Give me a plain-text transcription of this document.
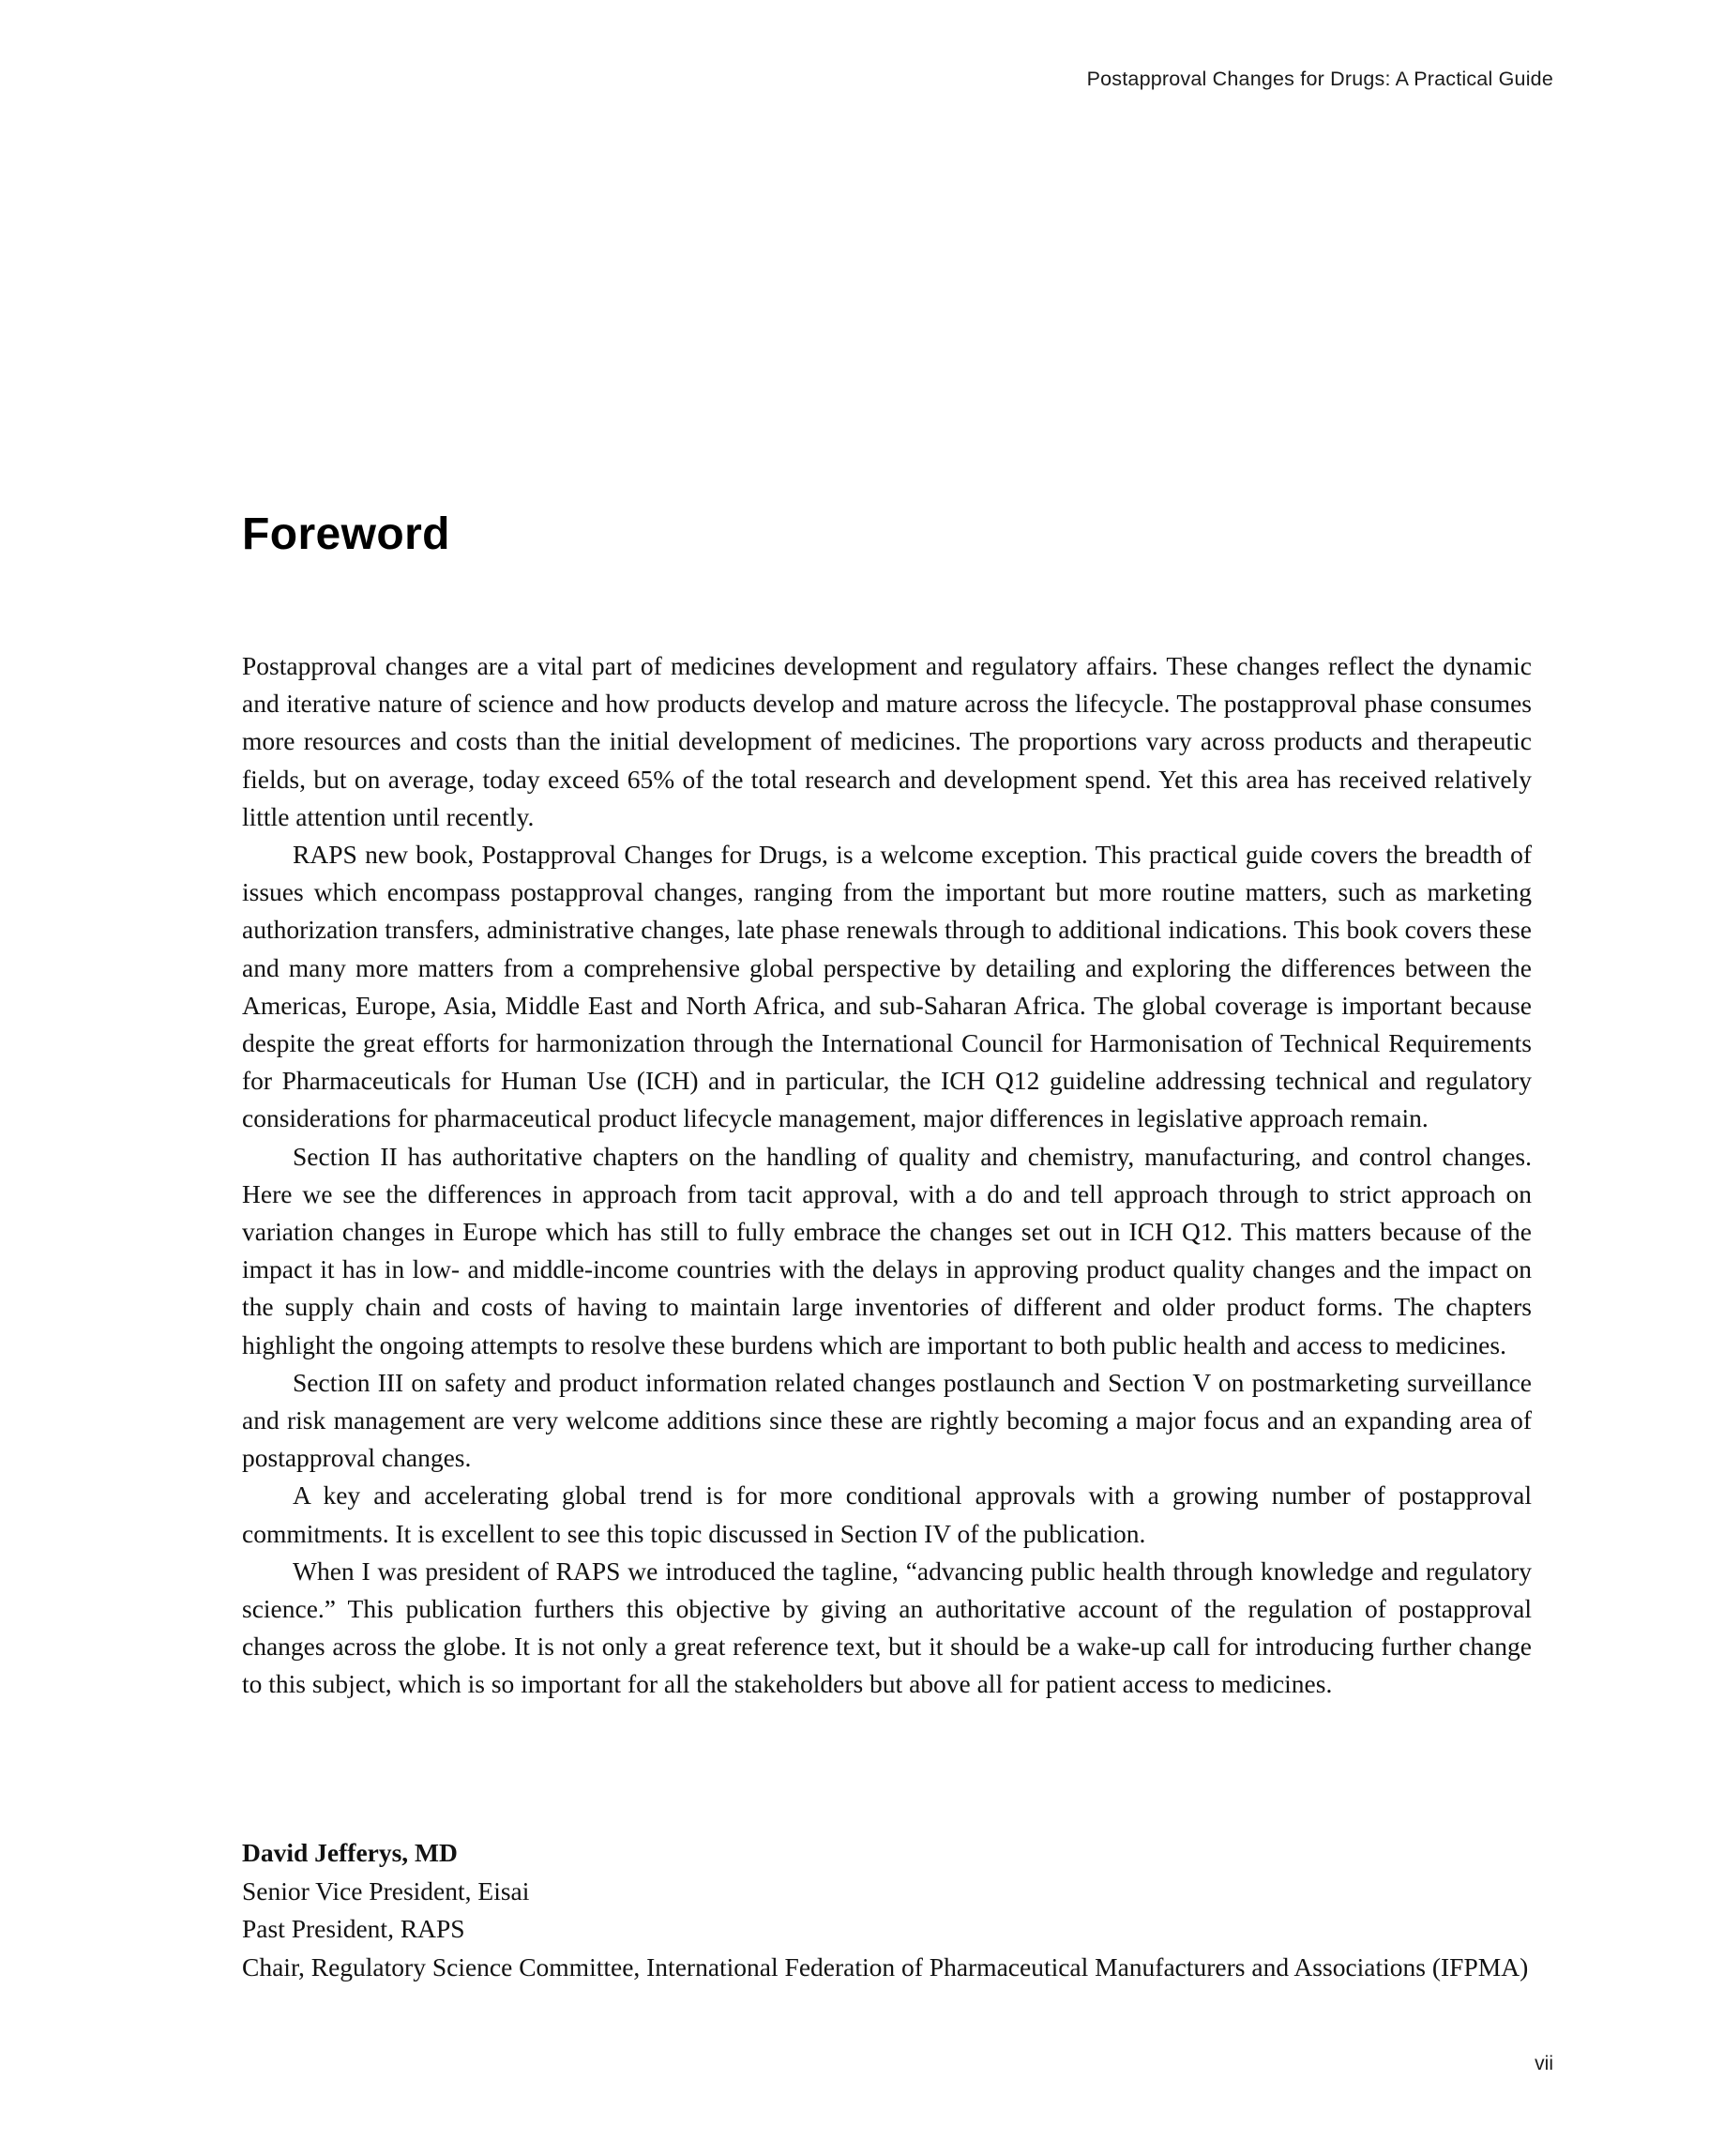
Postapproval Changes for Drugs: A Practical Guide
Foreword

Postapproval changes are a vital part of medicines development and regulatory affairs. These changes reflect the dynamic and iterative nature of science and how products develop and mature across the lifecycle. The postapproval phase consumes more resources and costs than the initial development of medicines. The proportions vary across products and therapeutic fields, but on average, today exceed 65% of the total research and development spend. Yet this area has received relatively little attention until recently.

RAPS new book, Postapproval Changes for Drugs, is a welcome exception. This practical guide covers the breadth of issues which encompass postapproval changes, ranging from the important but more routine matters, such as marketing authorization transfers, administrative changes, late phase renewals through to additional indications. This book covers these and many more matters from a comprehensive global perspective by detailing and exploring the differences between the Americas, Europe, Asia, Middle East and North Africa, and sub-Saharan Africa. The global coverage is important because despite the great efforts for harmonization through the International Council for Harmonisation of Technical Requirements for Pharmaceuticals for Human Use (ICH) and in particular, the ICH Q12 guideline addressing technical and regulatory considerations for pharmaceutical product lifecycle management, major differences in legislative approach remain.

Section II has authoritative chapters on the handling of quality and chemistry, manufacturing, and control changes. Here we see the differences in approach from tacit approval, with a do and tell approach through to strict approach on variation changes in Europe which has still to fully embrace the changes set out in ICH Q12. This matters because of the impact it has in low- and middle-income countries with the delays in approving product quality changes and the impact on the supply chain and costs of having to maintain large inventories of different and older product forms. The chapters highlight the ongoing attempts to resolve these burdens which are important to both public health and access to medicines.

Section III on safety and product information related changes postlaunch and Section V on postmarketing surveillance and risk management are very welcome additions since these are rightly becoming a major focus and an expanding area of postapproval changes.

A key and accelerating global trend is for more conditional approvals with a growing number of postapproval commitments. It is excellent to see this topic discussed in Section IV of the publication.

When I was president of RAPS we introduced the tagline, “advancing public health through knowledge and regulatory science.” This publication furthers this objective by giving an authoritative account of the regulation of postapproval changes across the globe. It is not only a great reference text, but it should be a wake-up call for introducing further change to this subject, which is so important for all the stakeholders but above all for patient access to medicines.

David Jefferys, MD
Senior Vice President, Eisai
Past President, RAPS
Chair, Regulatory Science Committee, International Federation of Pharmaceutical Manufacturers and Associations (IFPMA)
vii
